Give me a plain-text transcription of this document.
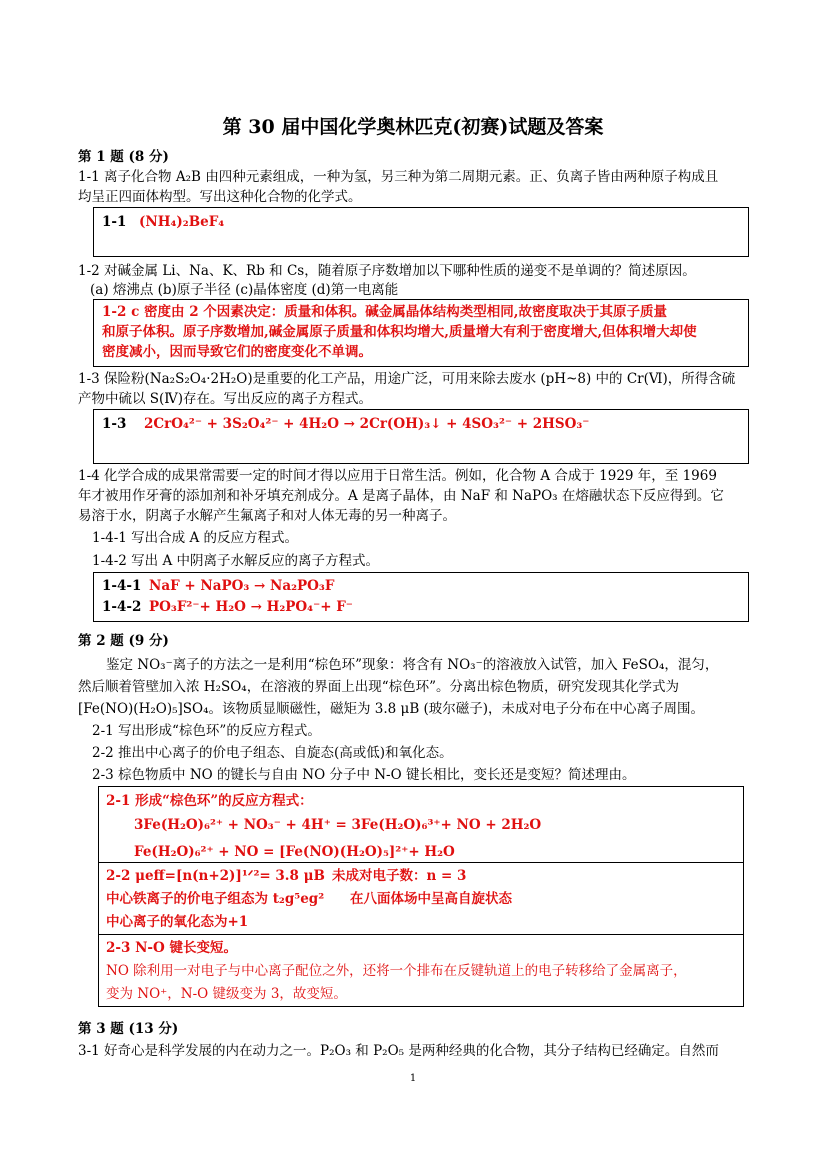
第 30 届中国化学奥林匹克(初赛)试题及答案
第 1 题 (8 分)
1-1 离子化合物 A₂B 由四种元素组成，一种为氢，另三种为第二周期元素。正、负离子皆由两种原子构成且
均呈正四面体构型。写出这种化合物的化学式。
1-1 (NH₄)₂BeF₄
1-2 对碱金属 Li、Na、K、Rb 和 Cs，随着原子序数增加以下哪种性质的递变不是单调的？简述原因。
(a) 熔沸点 (b)原子半径 (c)晶体密度 (d)第一电离能
1-2 c 密度由 2 个因素决定：质量和体积。碱金属晶体结构类型相同,故密度取决于其原子质量
和原子体积。原子序数增加,碱金属原子质量和体积均增大,质量增大有利于密度增大,但体积增大却使
密度减小，因而导致它们的密度变化不单调。
1-3 保险粉(Na₂S₂O₄·2H₂O)是重要的化工产品，用途广泛，可用来除去废水 (pH~8) 中的 Cr(Ⅵ)，所得含硫
产物中硫以 S(Ⅳ)存在。写出反应的离子方程式。
1-3 2CrO₄²⁻ + 3S₂O₄²⁻ + 4H₂O → 2Cr(OH)₃↓ + 4SO₃²⁻ + 2HSO₃⁻
1-4 化学合成的成果常需要一定的时间才得以应用于日常生活。例如，化合物 A 合成于 1929 年，至 1969
年才被用作牙膏的添加剂和补牙填充剂成分。A 是离子晶体，由 NaF 和 NaPO₃ 在熔融状态下反应得到。它
易溶于水，阴离子水解产生氟离子和对人体无毒的另一种离子。
1-4-1 写出合成 A 的反应方程式。
1-4-2 写出 A 中阴离子水解反应的离子方程式。
1-4-1 NaF + NaPO₃ → Na₂PO₃F
1-4-2 PO₃F²⁻+ H₂O → H₂PO₄⁻+ F⁻
第 2 题 (9 分)
鉴定 NO₃⁻离子的方法之一是利用“棕色环”现象：将含有 NO₃⁻的溶液放入试管，加入 FeSO₄，混匀，
然后顺着管壁加入浓 H₂SO₄，在溶液的界面上出现“棕色环”。分离出棕色物质，研究发现其化学式为
[Fe(NO)(H₂O)₅]SO₄。该物质显顺磁性，磁矩为 3.8 μB (玻尔磁子)，未成对电子分布在中心离子周围。
2-1 写出形成“棕色环”的反应方程式。
2-2 推出中心离子的价电子组态、自旋态(高或低)和氧化态。
2-3 棕色物质中 NO 的键长与自由 NO 分子中 N-O 键长相比，变长还是变短？简述理由。
2-1 形成“棕色环”的反应方程式：
3Fe(H₂O)₆²⁺ + NO₃⁻ + 4H⁺ = 3Fe(H₂O)₆³⁺+ NO + 2H₂O
Fe(H₂O)₆²⁺ + NO = [Fe(NO)(H₂O)₅]²⁺+ H₂O
2-2 μeff=[n(n+2)]¹ᐟ²= 3.8 μB 未成对电子数：n = 3
中心铁离子的价电子组态为 t₂g⁵eg² 在八面体场中呈高自旋状态
中心离子的氧化态为+1
2-3 N-O 键长变短。
NO 除利用一对电子与中心离子配位之外，还将一个排布在反键轨道上的电子转移给了金属离子，
变为 NO⁺，N-O 键级变为 3，故变短。
第 3 题 (13 分)
3-1 好奇心是科学发展的内在动力之一。P₂O₃ 和 P₂O₅ 是两种经典的化合物，其分子结构已经确定。自然而
1
